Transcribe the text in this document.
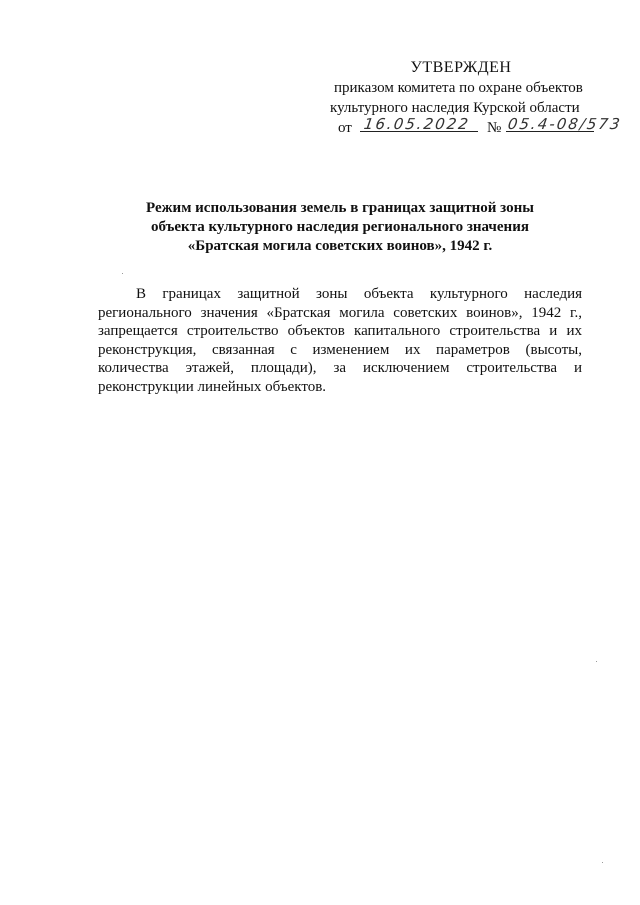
УТВЕРЖДЕН
приказом комитета по охране объектов
культурного наследия Курской области
от 16.05.2022 № 05.4-08/573
Режим использования земель в границах защитной зоны
объекта культурного наследия регионального значения
«Братская могила советских воинов», 1942 г.
В границах защитной зоны объекта культурного наследия регионального значения «Братская могила советских воинов», 1942 г., запрещается строительство объектов капитального строительства и их реконструкция, связанная с изменением их параметров (высоты, количества этажей, площади), за исключением строительства и реконструкции линейных объектов.
